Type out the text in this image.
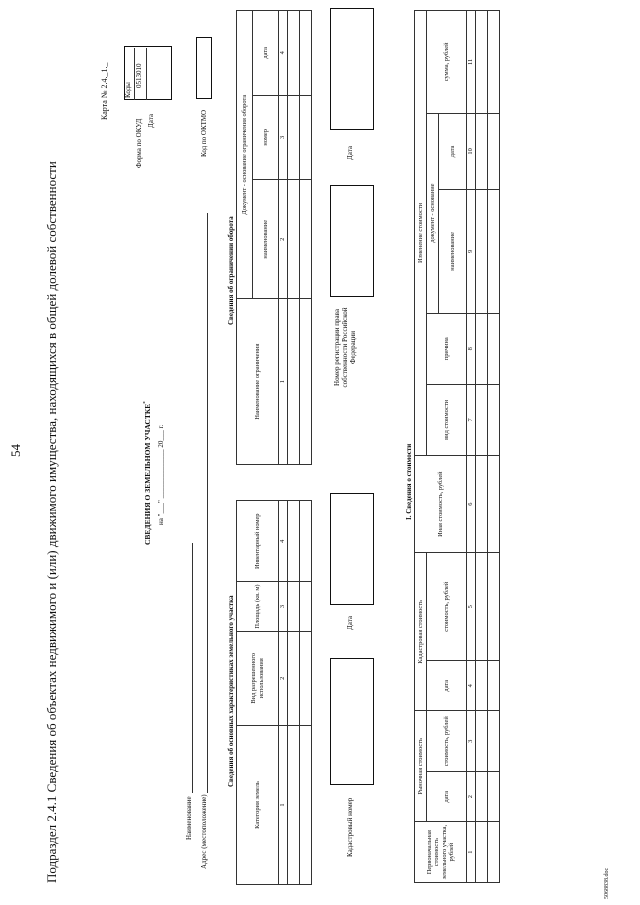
54 Подраздел 2.4.1 Сведения об объектах недвижимого и (или) движимого имущества, находящихся в общей долевой собственности
Карта № 2.4._1._ Коды
Форма по ОКУД
0513010
Дата
СВЕДЕНИЯ О ЗЕМЕЛЬНОМ УЧАСТКЕ*
на "___" ______________ 20___ г.
Наименование Адрес (местоположение)
Код по ОКТМО
Сведения об основных характеристиках земельного участка
Категория земель	Вид разрешенного использования	Площадь (кв. м)	Инвентарный номер
1	2	3	4

Сведения об ограничении оборота
Наименование ограничения	Документ - основание ограничения оборота		
	наименование	номер	дата
1	2	3	4

Кадастровый номер
Дата
Номер регистрации права собственности Российской Федерации
Дата
I. Сведения о стоимости
Первоначальная стоимость земельного участка, рублей	Рыночная стоимость		Кадастровая стоимость		Иная стоимость, рублей	Изменение стоимости				
	дата	стоимость, рублей	дата	стоимость, рублей		вид стоимости	причина	документ - основание		сумма, рублей
								наименование	дата	
1	2	3	4	5	6	7	8	9	10	11

5068838.doc
